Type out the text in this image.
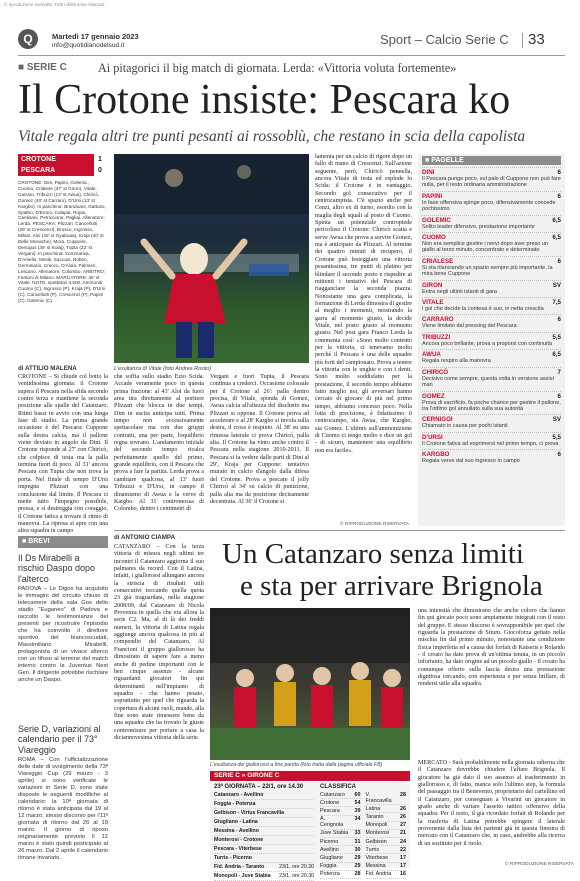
© riproduzione riservata. Tutti i diritti sono riservati.
Q	Martedì 17 gennaio 2023
info@quotidianodelsud.it	Sport – Calcio Serie C 33
■ SERIE C	Ai pitagorici il big match di giornata. Lerda: «Vittoria voluta fortemente»
Il Crotone insiste: Pescara ko
Vitale regala altri tre punti pesanti ai rossoblù, che restano in scia della capolista
CROTONE	1
PESCARA	0
CROTONE: Dini, Papini, Golemic, Cuomo, Crialese (47' st Giron), Vitale, Carraro, Tribuzzi (13' st Awua), Chiricò, Gomez (40' st Carraro), D'Ursi (13' st Kargbo). In panchina: Branduani, Gattuso, Spaltro, D'Errico, Calapai, Rojas, Cantisani, Petriccione, Pagliai. Allenatore: Lerda. PESCARA: Plizzari, Cancellotti (29' st Crescenzi), Brosco, Ingrosso, Milani, Aloi (40' st Gyabuaa), Kraja (40' st Delle Monache), Mora, Cuppone, Desogus (39' st Kolaj), Tupta (22' st Vergani). In panchina: Sommariva, D'Aniello, Mesik, Saccani, Boben, Germinario, Crecco, D'Aloia, Palmieri, Lescano. Allenatore: Colombo. ARBITRO: Fantoni di Milano. MARCATORE: 45' st Vitale. NOTE: spettatori 4.500. Ammoniti: Cuomo (C), Ingrosso (P), Kraja (P), D'Ursi (C), Cancellotti (P), Crescenzi (P), Papini (C), Golemic (C).
di ATTILIO MALENA	L'esultanza di Vitale (foto Andrea Rosito)
CROTONE – Si chiude col botto la ventidiesima giornata: il Crotone supera il Pescara nella sfida secondo contro terza e mantiene la seconda posizione alle spalle del Catanzaro. Ritmi bassi in avvio con una lunga fase di studio. La prima grande occasione è del Pescara: Cuppone sulla destra calcia, ma il pallone viene deviato in angolo da Dini. Il Crotone risponde al 27' con Chiricò, che colpisce di testa ma la palla termina fuori di poco. Al 31' ancora Pescara con Tupta che non trova la porta. Nel finale di tempo D'Ursi impegna Plizzari con una conclusione dal limite. Il Pescara ci mette tutto l'impegno possibile, pressa, e si destreggia con coraggio, il Crotone fatica a trovare il ritmo di manovra. La ripresa si apre con una altra squadra in campo
che soffia sullo stadio Ezio Scida. Accade veramente poco in questa prima frazione: al 43' Aloi da fuori area tira direttamente al portiere Plizzari che blocca in due tempi. Dini in uscita anticipa tutti. Prima tempo non eccessivamente spettacolare ma con due gruppi contratti, una per parte, l'equilibrio regna sovrano. L'andamento iniziale del secondo tempo ricalca perfettamente quello del primo, grande equilibrio, con il Pescara che prova a fare la partita. Lerda prova a cambiare qualcosa, al 13' fuori Tribuzzi e D'Ursi, in campo il dinamismo di Awua e la verve di Kargbo. Al 31' contromossa di Colombo, dentro i centimetri di
Vergani e fuori Tupta, il Pescara continua a crederci. Occasione colossale per il Crotone al 26': palla dentro precisa, di Vitale, sponda di Gomez, Awua calcia all'altezza del dischetto ma Plizzari si oppone. Il Crotone prova ad accelerare e al 28' Kargbo si invola sulla destra, il cross è respinto. Al 38' su una rimessa laterale ci prova Chiricò, palla alta. Il Crotone ha vinto anche contro il Pescara nella stagione 2010-2011. Il Pescara si fa vedere dalle parti di Dini al 29', Kraja per Cuppone: tentativo murato in calcio d'angolo dalla difesa del Crotone. Prova a pescare il jolly Chiricò al 34' su calcio di punizione, palla alta ma da posizione decisamente decentrata. Al 36' il Crotone si
lamenta per un calcio di rigore dopo un fallo di mano di Crescenzi. Sull'azione seguente, però, Chiricò pennella, ancora Vitale di testa ed esplode lo Scida: il Crotone è in vantaggio. Secondo gol consecutivo per il centrocampista. C'è spazio anche per Cenzi, altro ex di turno, esordio con la maglia degli squali al posto di Cuomo. Spinta un potenziale contropiede pericoloso il Crotone: Chiricò scatta e serve Awua che prova a servire Gomez, ma è anticipato da Plizzari. Al termine dei quattro minuti di recupero, il Crotone può festeggiare una vittoria pesantissima, tre punti di platino per blindare il secondo posto e rispedire ai mittenti i tentativi del Pescara di riagganciare la seconda piazza. Nonostante una gara complicata, la formazione di Lerda dimostra di gestire al meglio i momenti, mostrando la garra al momento giusto, la decide Vitale, nel posto giusto al momento giusto. Nel post gara Franco Lerda la commenta così: «Sono molto contento per la vittoria, ci tenevamo molto perché il Pescara è una delle squadre più forti del campionato. Prova a tenere la vittoria con le unghie e con i denti. Sono molto soddisfatto per la prestazione, il secondo tempo abbiamo fatto meglio noi, gli avversari hanno cercato di giocare di più nel primo tempo, abbiamo concesso poco. Nella lotta di precisione, è fidatissimo il centrocampo, sia Awua, che Kargbo, sia Gomez. L'ultimo sull'ammonizione di Cuomo ci tengo molto e dice un gol - di sicuro, mantenere una equilibrio non era facile».
© RIPRODUZIONE RISERVATA
■ PAGELLE
DINI	6
Il Pescara punge poco, sul palo di Cuppone non può fare nulla, per il resto ordinaria amministrazione
PAPINI	6
In fase offensiva spinge poco, difensivamente concede pochissimo
GOLEMIC	6,5
Solito leader difensivo, prestazione importante
CUOMO	6,5
Non era semplice gestire i nervi dopo aver preso un giallo al terzo minuto, concentrato e determinato
CRIALESE	6
Si sta rilanciando un spazio sempre più importante, la mira bene Cuppone
GIRON	SV
Entra negli ultimi istanti di gara
VITALE	7,5
I gol che decide la contesa è suo, in netta crescita
CARRARO	6
Viene limitato dal pressing del Pescara
TRIBUZZI	5,5
Ancora poco brillante, prova a proporsi con continuità
AWUA	6,5
Regala respiro alla manovra
CHIRICÒ	7
Decisivo come sempre, questa volta in versione assist man
GOMEZ	6
Prova di sacrificio, fa poche chance per gestire il pallone, tra l'ottimo gol annullato sulla sua autorità
CERNIGOI	SV
Chiamato in causa per pochi istanti
D'URSI	5,5
Il Crotone fatica ad esprimersi nel primo tempo, ci prova
KARGBO	6
Regala verve dal suo ingresso in campo
■ BREVI
Il Ds Mirabelli a rischio Daspo dopo l'alterco
PADOVA – Le Digos ha acquisito le immagini del circuito chiuso di telecamere della sala Gos dello stadio "Euganeo" di Padova e raccolto le testimonianze dei presenti per ricostruire l'episodio che ha coinvolto il direttore sportivo del biancoscudati, Massimiliano Mirabelli, protagonista di un vivace alterco con un tifoso al termine del match interno contro la Juventus Next Gen. Il dirigente potrebbe rischiare anche un Daspo.
Serie D, variazioni al calendario per il 73° Viareggio
ROMA – Con l'ufficializzazione delle date di svolgimento della 73ª Viareggio Cup (29 marzo - 3 aprile) si sono verificate le variazioni in Serie D, sono state disposte le seguenti modifiche al calendario: la 10ª giornata di ritorno è stata anticipata dal 19 al 12 marzo, stesso discorso per l'11ª giornata di ritorno dal 26 al 19 marzo. Il giorno di riposo originariamente previsto il 12 marzo è stato quindi posticipato al 26 marzo. Dal 2 aprile il calendario rimane invariato.
di ANTONIO CIAMPA
CATANZARO – Con la terza vittoria di misura negli ultimi tre incontri il Catanzaro aggiorna il suo palmares da record. Con il Latina, infatti, i giallorossi allungano ancora la striscia di risultati utili consecutivi toccando quella quota 23 già traguardata, nella stagione 2008/09, dal Catanzaro di Nicola Provenza in quella che era allora la serie C2. Ma, al di là dei freddi numeri, la vittoria di Latina regala aggiunge ancora qualcosa in più al compendio del Catanzaro. Al Francioni il gruppo giallorosso ha dimostrato di sapere fare a meno anche di pedine importanti con le ben cinque assenze - alcune riguardanti giocatori fin qui determinanti nell'impianto di squadra - che hanno pesato, soprattutto per quel che riguarda la copertura di alcuni ruoli, mande, alla fine sono state rimessere bene da una squadra che ha trovato le giuste contromisure per portare a casa la diciannovesima vittoria della serie.
Un Catanzaro senza limiti
e sta per arrivare Brignola
L'esultanza dei giallorossi a fine partita (foto tratta dalla pagina ufficiale FB)
una intensità che dimostrano che anche coloro che hanno fin qui giocato poco sono ampiamente integrati con il resto del gruppo. E stesso discorso è sovrapponibile per quel che riguarda la prestazione di Situm. Giocoforza gettato nella mischia fin dal primo minuto, nonostante una condizione fisica imperfetta ed a causa dei forfait di Katseris e Rolando - il croato ha dato prova di un'ottima tenuta, in un piccolo infortunio, ha dato origine ad un piccolo giallo - il croato ha comunque offerto sulla fascia destra una prestazione dignitosa cercando, con esperienza e pur senza brillare, di rendersi utile alla squadra.
MERCATO - Sarà probabilmente nella giornata odierna che il Catanzaro dovrebbe chiudere l'affare Brignola. Il giocatore ha già dato il suo assenso al trasferimento in giallorosso e, di fatto, manca solo l'ultimo step, la formula del passaggio tra il Benevento, proprietario del cartellino ed il Catanzaro, per consegnare a Vivarini un giocatore in grado anche di variare l'assetto tattico offensivo della squadra. Per il resto, il già ricordato forfait di Rolando per la trasferta di Latina potrebbe spingere il laterale provenente dalla lista dei partenti già in questa finestra di mercato con il Catanzaro che, in caso, andrebbe alla ricerca di un sostituto per il ruolo.
© RIPRODUZIONE RISERVATA
SERIE C » GIRONE C
23ª GIORNATA – 22/1, ore 14.30
Catanzaro - Avellino
Foggia - Potenza
Gelbison - Virtus Francavilla
Giugliano - Latina
Messina - Avellino
Monterosi - Crotone
Pescara - Viterbese
Turris - Picerno
Fid. Andria - Taranto	23/1, ore 20.30
Monopoli - Juve Stabia 23/1, ore 20.30
CLASSIFICA
Catanzaro	60
Crotone	54
Pescara	39
A. Cerignola
34
Juve Stabia	33
Picerno	31
Avellino	30
Giugliano	29
Foggia	29
Potenza	28
V. Francavilla
28
Latina	26
Taranto	26
Monopoli	27
Monterosi	21
Gelbison	24
Turris	22
Viterbese	17
Messina	17
Fid. Andria	16
